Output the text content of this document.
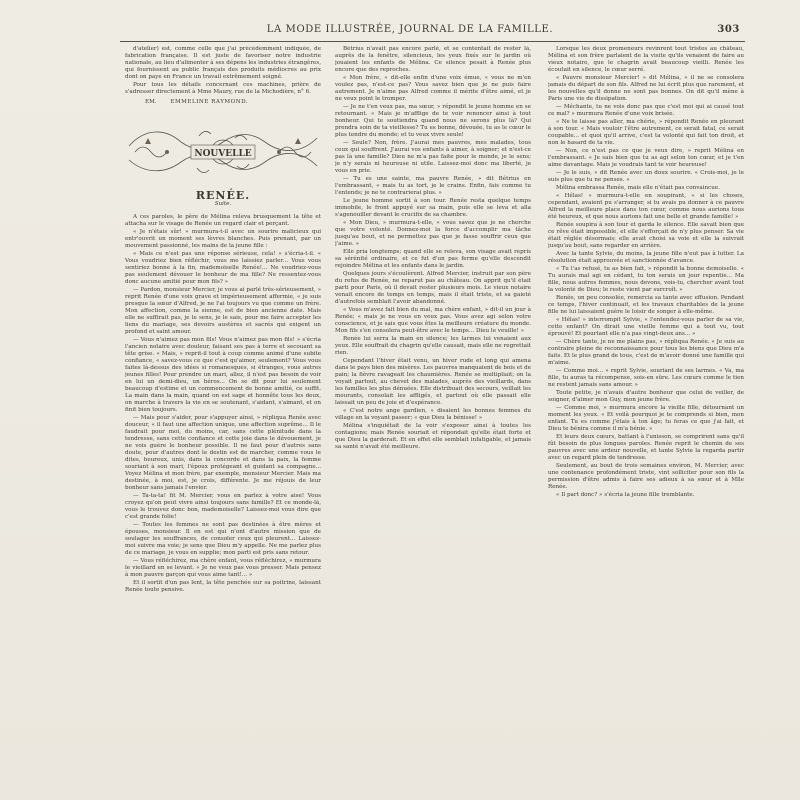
LA MODE ILLUSTRÉE, JOURNAL DE LA FAMILLE.	303

d'atelier) est, comme celle que j'ai précédemment indiquée, de fabrication française. Il est juste de favoriser notre industrie nationale, au lieu d'alimenter à ses dépens les industries étrangères, qui fournissent au public français des produits médiocres au prix dont on paye en France un travail extrêmement soigné.

Pour tous les détails concernant ces machines, prière de s'adresser directement à Mme Maury, rue de la Michodière, n° 6.

EM. EMMELINE RAYMOND.
NOUVELLE
RENÉE.
Suite.

A ces paroles, le père de Mélina releva brusquement la tête et attacha sur le visage de Renée un regard clair et perçant.

« Je n'étais sûr! » murmura-t-il avec un sourire malicieux qui entr'ouvrit un moment ses lèvres blanches. Puis prenant, par un mouvement passionné, les mains de la jeune fille :

« Mais ce n'est pas une réponse sérieuse, cela! » s'écria-t-il. « Vous voudriez bien réfléchir, vous me laissiez parler... Vous vous sentiriez bonne à la fin, mademoiselle Renée!... Ne voudriez-vous pas seulement dévouer le bonheur de ma fille? Ne ressentez-vous donc aucune amitié pour mon fils? »

— Pardon, monsieur Mercier, je vous ai parlé très-sérieusement, » reprit Renée d'une voix grave et impérieusement affermie, « je suis presque la sœur d'Alfred, je ne l'ai toujours vu que comme un frère. Mon affection, comme la sienne, est de bien ancienne date. Mais elle ne suffirait pas, je le sens, je le sais, pour me faire accepter les liens du mariage, ses devoirs austères et sacrés qui exigent un profond et saint amour.

— Vous n'aimez pas mon fils! Vous n'aimez pas mon fils! » s'écria l'ancien notaire avec douleur, faisant ses pas à terre et secouant sa tête grise. « Mais, » reprit-il tout à coup comme animé d'une subite confiance, « savez-vous ce que c'est qu'aimer, seulement? Vous vous faites là-dessus des idées si romanesques, si étranges, vous autres jeunes filles! Pour prendre un mari, allez, il n'est pas besoin de voir en lui un demi-dieu, un héros... On se dit pour lui seulement beaucoup d'estime et un commencement de bonne amitié, ce suffit. La main dans la main, quand on est sage et honnête tous les deux, on marche à travers la vie en se soutenant, s'aidant, s'aimant, et on finit bien toujours.

— Mais pour s'aider, pour s'appuyer ainsi, » répliqua Renée avec douceur, « il faut une affection unique, une affection suprême... Il le faudrait pour moi, du moins, car, sans cette plénitude dans la tendresse, sans cette confiance et cette joie dans le dévouement, je ne vois guère le bonheur possible. Il ne faut pour d'autres sans doute, pour d'autres dont le destin est de marcher, comme vous le dites, heureux, unis, dans la concorde et dans la paix, la femme souriant à son mari, l'époux protégeant et guidant sa compagne... Voyez Mélina et mon frère, par exemple, monsieur Mercier. Mais ma destinée, à moi, est, je crois, différente. Je me réjouis de leur bonheur sans jamais l'envier.

— Ta-ta-ta! fit M. Mercier, vous en parlez à votre aise! Vous croyez qu'on peut vivre ainsi toujours sans famille? Et ce monde-là, vous le trouvez donc bon, mademoiselle? Laissez-moi vous dire que c'est grande folie!

— Toutes les femmes ne sont pas destinées à être mères et épouses, monsieur. Il en est qui n'ont d'autre mission que de soulager les souffrances, de consoler ceux qui pleurent... Laissez-moi suivre ma voie; je sens que Dieu m'y appelle. Ne me parlez plus de ce mariage, je vous en supplie; mon parti est pris sans retour.

— Vous réfléchirez, ma chère enfant, vous réfléchirez, » murmura le vieillard en se levant. « Je ne veux pas vous presser. Mais pensez à mon pauvre garçon qui vous aime tant!... »

Et il sortit d'un pas lent, la tête penchée sur sa poitrine, laissant Renée toute pensive.

Bétrius n'avait pas encore parlé, et se contentait de rester là, auprès de la fenêtre, silencieux, les yeux fixés sur le jardin où jouaient les enfants de Mélina. Ce silence pesait à Renée plus encore que des reproches.

« Mon frère, » dit-elle enfin d'une voix émue, « vous ne m'en voulez pas, n'est-ce pas? Vous savez bien que je ne puis faire autrement. Je n'aime pas Alfred comme il mérite d'être aimé, et je ne veux point le tromper.

— Je ne t'en veux pas, ma sœur, » répondit le jeune homme en se retournant. « Mais je m'afflige de te voir renoncer ainsi à tout bonheur. Qui te soutiendra quand nous ne serons plus là? Qui prendra soin de ta vieillesse? Tu es bonne, dévouée, tu as le cœur le plus tendre du monde; et tu veux vivre seule!

— Seule? Non, frère. J'aurai mes pauvres, mes malades, tous ceux qui souffrent. J'aurai vos enfants à aimer, à soigner; et n'est-ce pas là une famille? Dieu ne m'a pas faite pour le monde, je le sens; je n'y serais ni heureuse ni utile. Laissez-moi donc ma liberté, je vous en prie.

— Tu es une sainte, ma pauvre Renée, » dit Bétrius en l'embrassant, « mais tu as tort, je le crains. Enfin, fais comme tu l'entends; je ne te contrarierai plus. »

Le jeune homme sortit à son tour. Renée resta quelque temps immobile, le front appuyé sur sa main, puis elle se leva et alla s'agenouiller devant le crucifix de sa chambre.

« Mon Dieu, » murmura-t-elle, « vous savez que je ne cherche que votre volonté. Donnez-moi la force d'accomplir ma tâche jusqu'au bout, et ne permettez pas que je fasse souffrir ceux que j'aime. »

Elle pria longtemps; quand elle se releva, son visage avait repris sa sérénité ordinaire, et ce fut d'un pas ferme qu'elle descendit rejoindre Mélina et les enfants dans le jardin.

Quelques jours s'écoulèrent. Alfred Mercier, instruit par son père du refus de Renée, ne reparut pas au château. On apprit qu'il était parti pour Paris, où il devait rester plusieurs mois. Le vieux notaire venait encore de temps en temps, mais il était triste, et sa gaieté d'autrefois semblait l'avoir abandonné.

« Vous m'avez fait bien du mal, ma chère enfant, » dit-il un jour à Renée; « mais je ne vous en veux pas. Vous avez agi selon votre conscience, et je sais que vous êtes la meilleure créature du monde. Mon fils s'en consolera peut-être avec le temps... Dieu le veuille! »

Renée lui serra la main en silence; les larmes lui venaient aux yeux. Elle souffrait du chagrin qu'elle causait, mais elle ne regrettait rien.

Cependant l'hiver était venu, un hiver rude et long qui amena dans le pays bien des misères. Les pauvres manquaient de bois et de pain; la fièvre ravageait les chaumières. Renée se multipliait; on la voyait partout, au chevet des malades, auprès des vieillards, dans les familles les plus dénuées. Elle distribuait des secours, veillait les mourants, consolait les affligés, et partout où elle passait elle laissait un peu de joie et d'espérance.

« C'est notre ange gardien, » disaient les bonnes femmes du village en la voyant passer; « que Dieu la bénisse! »

Mélina s'inquiétait de la voir s'exposer ainsi à toutes les contagions; mais Renée souriait et répondait qu'elle était forte et que Dieu la garderait. Et en effet elle semblait infatigable, et jamais sa santé n'avait été meilleure.

Lorsque les deux promeneurs revinrent tout tristes au château, Mélina et son frère parlaient de la visite qu'ils venaient de faire au vieux notaire, que le chagrin avait beaucoup vieilli. Renée les écoutait en silence, le cœur serré.

« Pauvre monsieur Mercier! » dit Mélina, « il ne se consolera jamais du départ de son fils. Alfred ne lui écrit plus que rarement, et les nouvelles qu'il donne ne sont pas bonnes. On dit qu'il mène à Paris une vie de dissipation.

— Méchante, tu ne vois donc pas que c'est moi qui ai causé tout ce mal? » murmura Renée d'une voix brisée.

« Ne te laisse pas aller, ma chérie, » répondit Renée en pleurant à son tour. « Mais vouloir l'être autrement, ce serait fatal, ce serait coupable... et quoi qu'il arrive, c'est ta volonté qui fait ton droit, et non le hasard de ta vie.

— Non, ce n'est pas ce que je veux dire, » reprit Mélina en l'embrassant. « Je sais bien que tu as agi selon ton cœur, et je t'en aime davantage. Mais je voudrais tant te voir heureuse!

— Je le suis, » dit Renée avec un doux sourire. « Crois-moi, je le suis plus que tu ne penses. »

Mélina embrassa Renée, mais elle n'était pas convaincue.

« Hélas! » murmura-t-elle en soupirant, « si les choses, cependant, avaient pu s'arranger, si tu avais pu donner à ce pauvre Alfred la meilleure place dans ton cœur, comme nous aurions tous été heureux, et que nous aurions fait une belle et grande famille! »

Renée soupira à son tour et garda le silence. Elle savait bien que ce rêve était impossible, et elle s'efforçait de n'y plus penser. Sa vie était réglée désormais; elle avait choisi sa voie et elle la suivrait jusqu'au bout, sans regarder en arrière.

Avec la tante Sylvie, du moins, la jeune fille n'eut pas à lutter. La résolution était approuvée et sanctionnée d'avance.

« Tu l'as refusé, tu as bien fait, » répondit la bonne demoiselle. « Tu aurais mal agi en cédant, tu ton serais un jour repentie... Ma fille, nous autres femmes, nous devons, vois-tu, chercher avant tout la volonté de Dieu; le reste vient par surcroît. »

Renée, un peu consolée, remercia sa tante avec effusion. Pendant ce temps, l'hiver continuait, et les travaux charitables de la jeune fille ne lui laissaient guère le loisir de songer à elle-même.

« Hélas! » interrompit Sylvie, « l'entendez-vous parler de sa vie, cette enfant? On dirait une vieille femme qui a tout vu, tout éprouvé! Et pourtant elle n'a pas vingt-deux ans... »

— Chère tante, je ne me plains pas, » répliqua Renée. « Je suis au contraire pleine de reconnaissance pour tous les biens que Dieu m'a faits. Et le plus grand de tous, c'est de m'avoir donné une famille qui m'aime.

— Comme moi... » reprit Sylvie, souriant de ses larmes. « Va, ma fille, tu auras ta récompense, sois-en sûre. Les cœurs comme le tien ne restent jamais sans amour. »

Toute petite, je n'avais d'autre bonheur que celui de veiller, de soigner, d'aimer mon Guy, mon jeune frère.

— Comme moi, » murmura encore la vieille fille, détournant un moment les yeux. « Et voilà pourquoi je te comprends si bien, mon enfant. Tu es comme j'étais à ton âge; tu feras ce que j'ai fait, et Dieu te bénira comme il m'a bénie. »

Et leurs deux cœurs, battant à l'unisson, se comprirent sans qu'il fût besoin de plus longues paroles. Renée reprit le chemin de ses pauvres avec une ardeur nouvelle, et tante Sylvie la regarda partir avec un regard plein de tendresse.

Seulement, au bout de trois semaines environ, M. Mercier, avec une contenance profondément triste, vint solliciter pour son fils la permission d'être admis à faire ses adieux à sa sœur et à Mlle Renée.

« Il part donc? » s'écria la jeune fille tremblante.
